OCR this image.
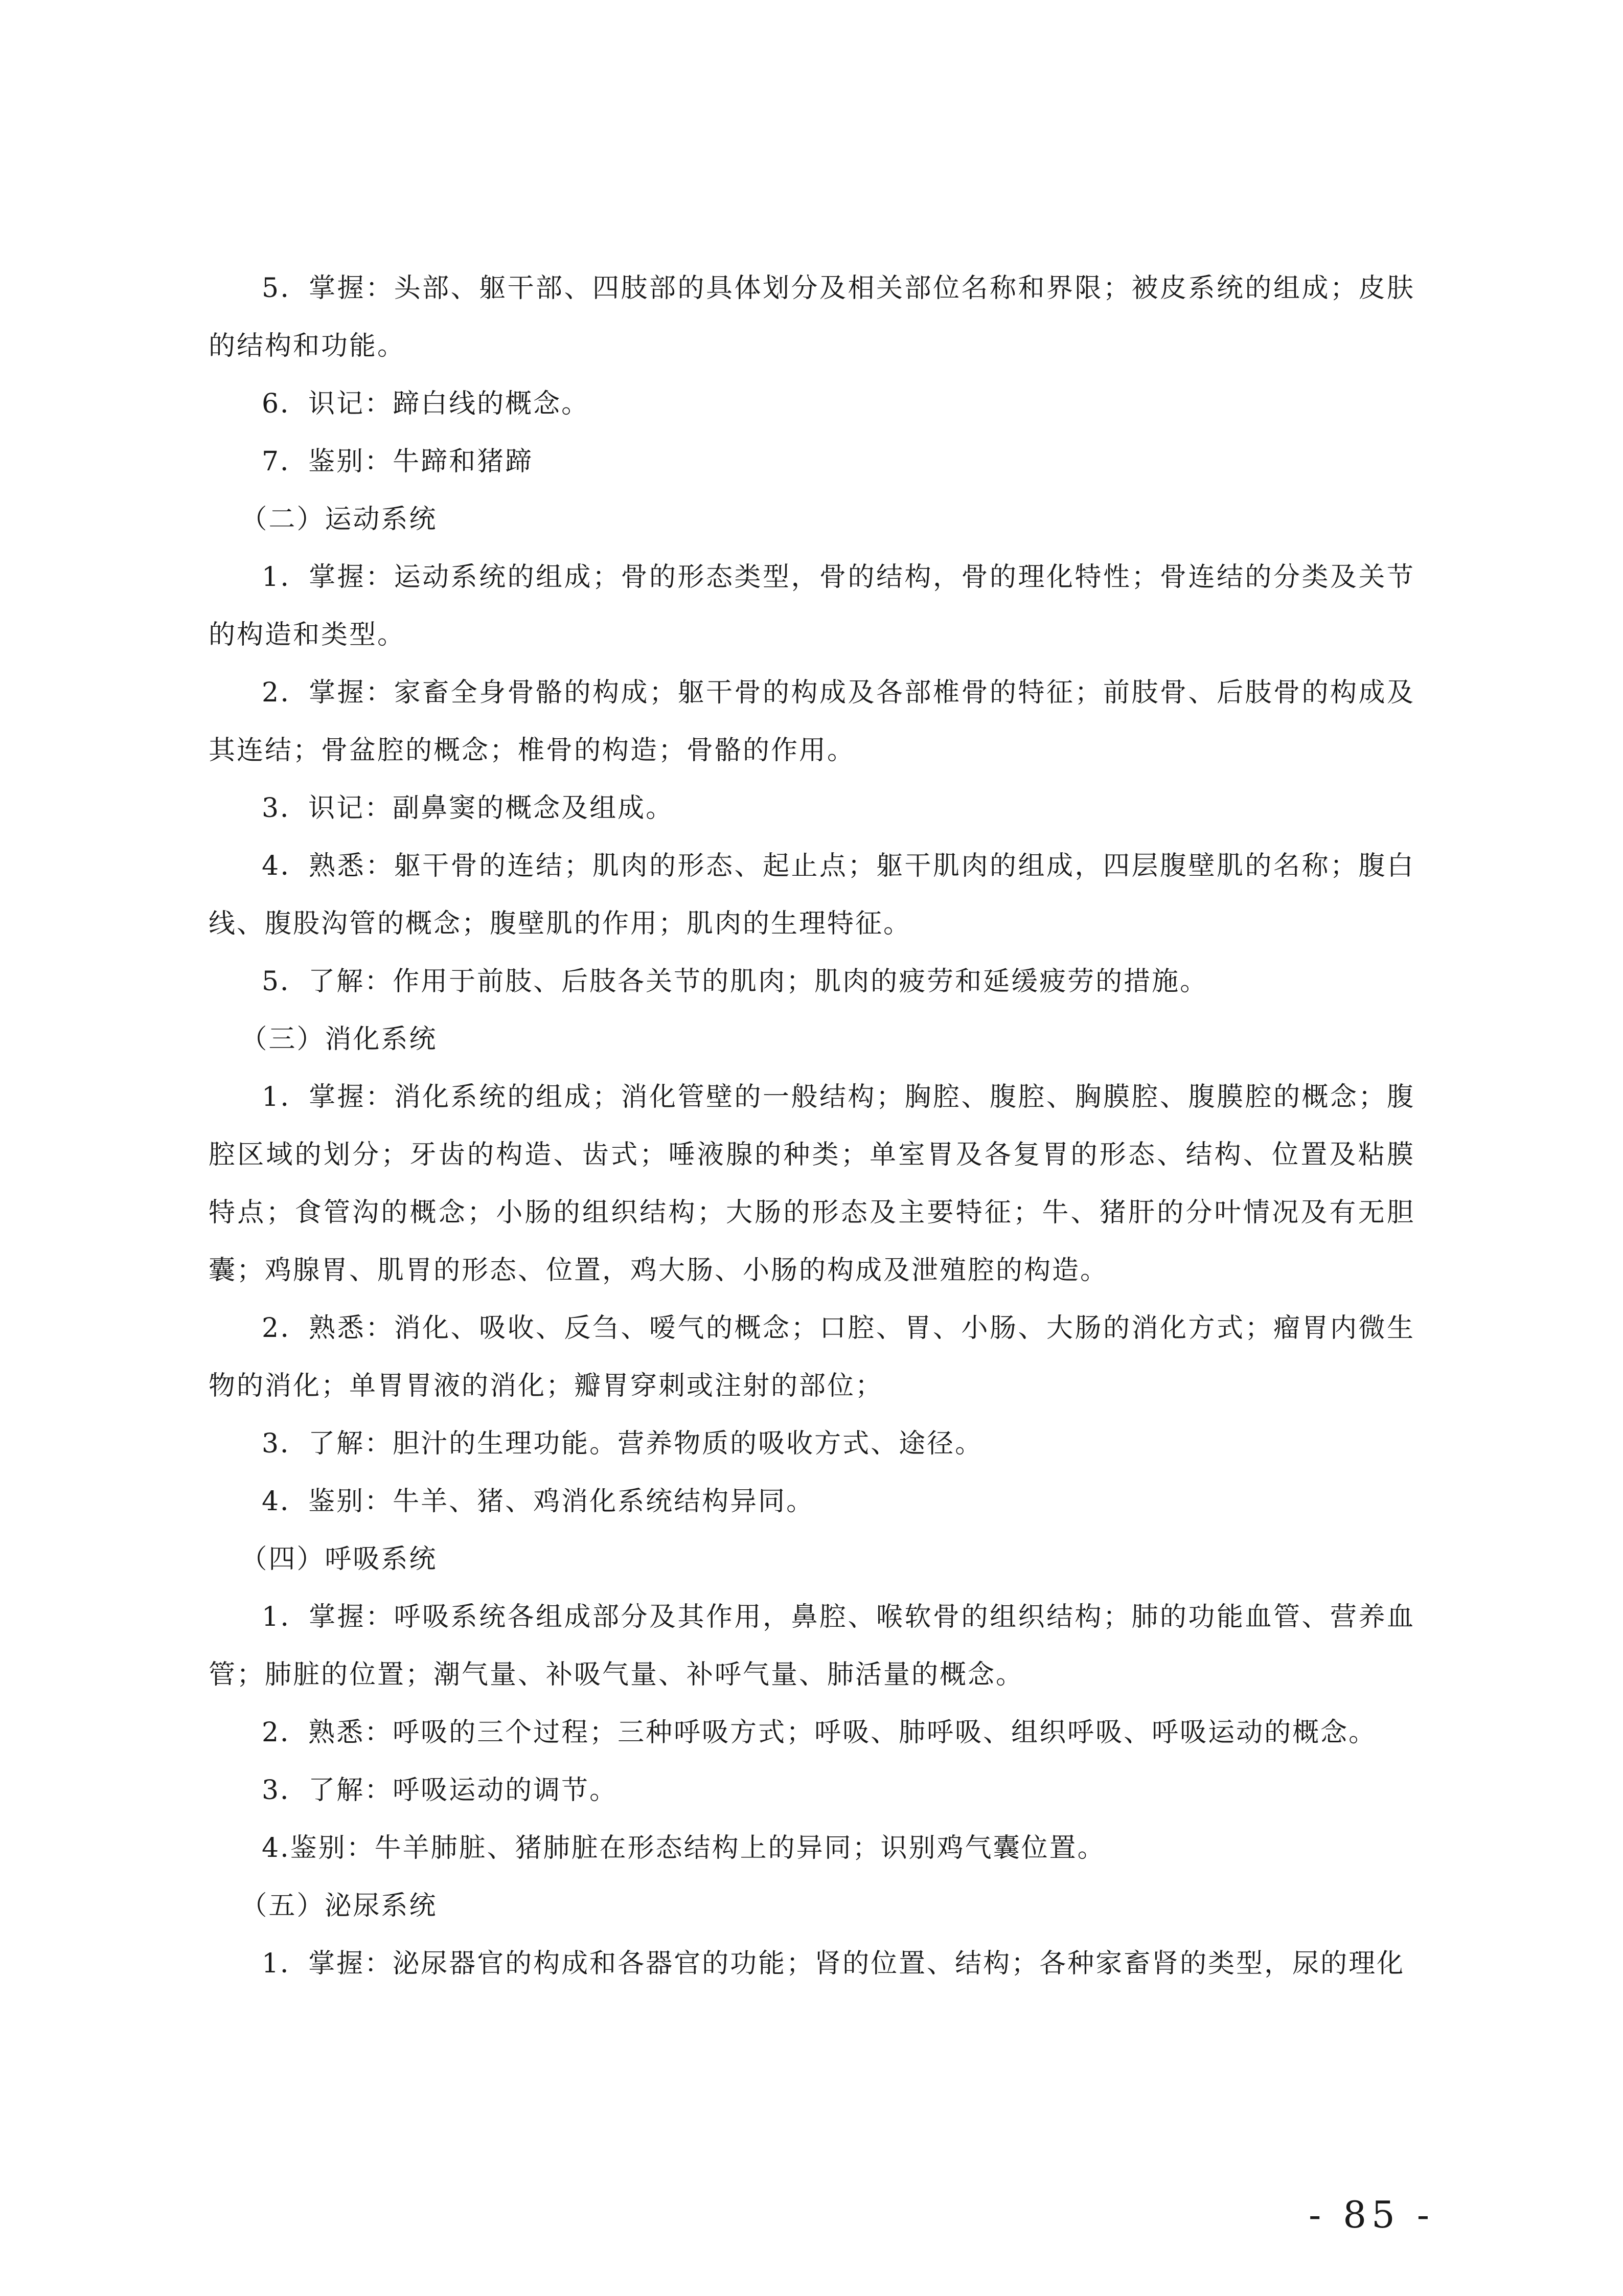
5．掌握：头部、躯干部、四肢部的具体划分及相关部位名称和界限；被皮系统的组成；皮肤的结构和功能。

6．识记：蹄白线的概念。

7．鉴别：牛蹄和猪蹄

（二）运动系统

1．掌握：运动系统的组成；骨的形态类型，骨的结构，骨的理化特性；骨连结的分类及关节的构造和类型。

2．掌握：家畜全身骨骼的构成；躯干骨的构成及各部椎骨的特征；前肢骨、后肢骨的构成及其连结；骨盆腔的概念；椎骨的构造；骨骼的作用。

3．识记：副鼻窦的概念及组成。

4．熟悉：躯干骨的连结；肌肉的形态、起止点；躯干肌肉的组成，四层腹壁肌的名称；腹白线、腹股沟管的概念；腹壁肌的作用；肌肉的生理特征。

5．了解：作用于前肢、后肢各关节的肌肉；肌肉的疲劳和延缓疲劳的措施。

（三）消化系统

1．掌握：消化系统的组成；消化管壁的一般结构；胸腔、腹腔、胸膜腔、腹膜腔的概念；腹腔区域的划分；牙齿的构造、齿式；唾液腺的种类；单室胃及各复胃的形态、结构、位置及粘膜特点；食管沟的概念；小肠的组织结构；大肠的形态及主要特征；牛、猪肝的分叶情况及有无胆囊；鸡腺胃、肌胃的形态、位置，鸡大肠、小肠的构成及泄殖腔的构造。

2．熟悉：消化、吸收、反刍、嗳气的概念；口腔、胃、小肠、大肠的消化方式；瘤胃内微生物的消化；单胃胃液的消化；瓣胃穿刺或注射的部位；

3．了解：胆汁的生理功能。营养物质的吸收方式、途径。

4．鉴别：牛羊、猪、鸡消化系统结构异同。

（四）呼吸系统

1．掌握：呼吸系统各组成部分及其作用，鼻腔、喉软骨的组织结构；肺的功能血管、营养血管；肺脏的位置；潮气量、补吸气量、补呼气量、肺活量的概念。

2．熟悉：呼吸的三个过程；三种呼吸方式；呼吸、肺呼吸、组织呼吸、呼吸运动的概念。

3．了解：呼吸运动的调节。

4.鉴别：牛羊肺脏、猪肺脏在形态结构上的异同；识别鸡气囊位置。

（五）泌尿系统

1．掌握：泌尿器官的构成和各器官的功能；肾的位置、结构；各种家畜肾的类型，尿的理化

- 85 -
